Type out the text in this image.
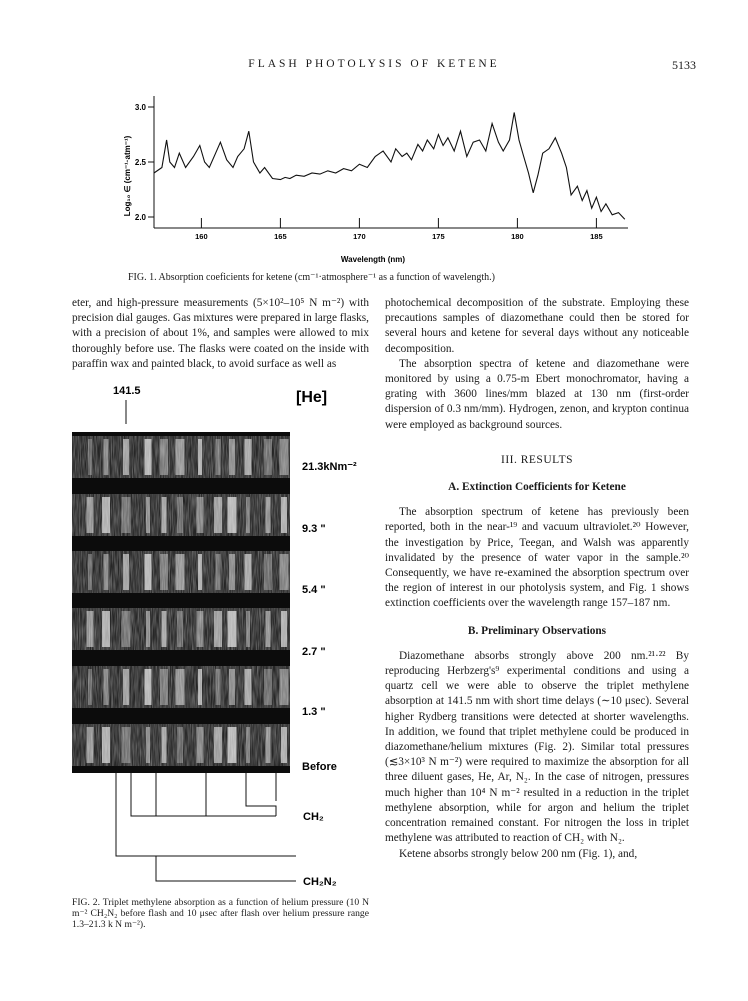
FLASH PHOTOLYSIS OF KETENE	5133
3.0
2.5
2.0
160	165	170	175	180	185
Log₁₀ ∈ (cm⁻¹·atm⁻¹)
Wavelength (nm)
FIG. 1. Absorption coeficients for ketene (cm⁻¹·atmosphere⁻¹ as a function of wavelength.)

eter, and high-pressure measurements (5×10²–10⁵ N m⁻²) with precision dial gauges. Gas mixtures were prepared in large flasks, with a precision of about 1%, and samples were allowed to mix thoroughly before use. The flasks were coated on the inside with paraffin wax and painted black, to avoid surface as well as

141.5	[He]
21.3kNm⁻²
9.3 "
5.4 "
2.7 "
1.3 "
Before
CH₂
CH₂N₂
FIG. 2. Triplet methylene absorption as a function of helium pressure (10 N m⁻² CH₂N₂ before flash and 10 μsec after flash over helium pressure range 1.3–21.3 k N m⁻²).

photochemical decomposition of the substrate. Employing these precautions samples of diazomethane could then be stored for several hours and ketene for several days without any noticeable decomposition.

The absorption spectra of ketene and diazomethane were monitored by using a 0.75-m Ebert monochromator, having a grating with 3600 lines/mm blazed at 130 nm (first-order dispersion of 0.3 nm/mm). Hydrogen, zenon, and krypton continua were employed as background sources.

III. RESULTS
A. Extinction Coefficients for Ketene

The absorption spectrum of ketene has previously been reported, both in the near-¹⁹ and vacuum ultraviolet.²⁰ However, the investigation by Price, Teegan, and Walsh was apparently invalidated by the presence of water vapor in the sample.²⁰ Consequently, we have re-examined the absorption spectrum over the region of interest in our photolysis system, and Fig. 1 shows extinction coefficients over the wavelength range 157–187 nm.

B. Preliminary Observations

Diazomethane absorbs strongly above 200 nm.²¹·²² By reproducing Herbzerg's⁹ experimental conditions and using a quartz cell we were able to observe the triplet methylene absorption at 141.5 nm with short time delays (∼10 μsec). Several higher Rydberg transitions were detected at shorter wavelengths. In addition, we found that triplet methylene could be produced in diazomethane/helium mixtures (Fig. 2). Similar total pressures (≲3×10³ N m⁻²) were required to maximize the absorption for all three diluent gases, He, Ar, N₂. In the case of nitrogen, pressures much higher than 10⁴ N m⁻² resulted in a reduction in the triplet methylene absorption, while for argon and helium the triplet concentration remained constant. For nitrogen the loss in triplet methylene was attributed to reaction of CH₂ with N₂.

Ketene absorbs strongly below 200 nm (Fig. 1), and,
